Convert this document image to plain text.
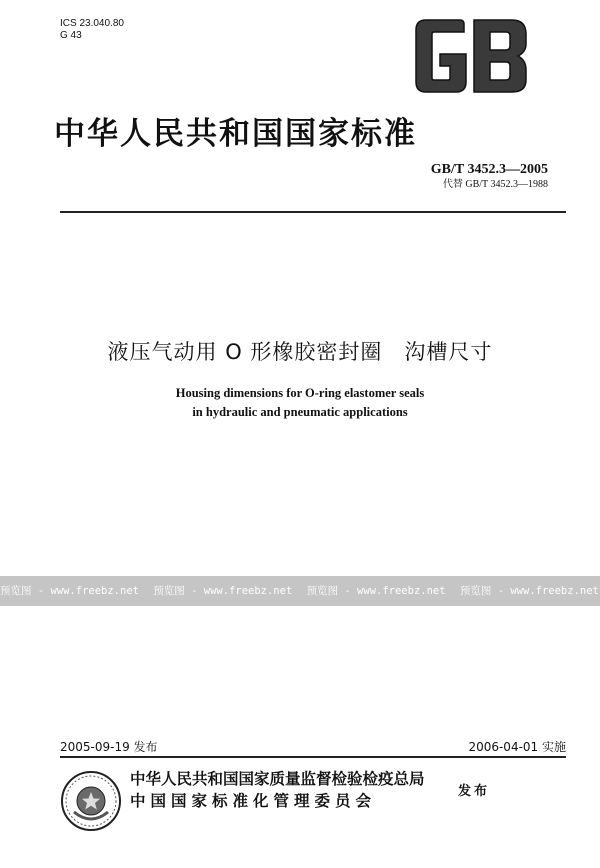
ICS 23.040.80
G 43
中华人民共和国国家标准
GB/T 3452.3—2005
代替 GB/T 3452.3—1988
液压气动用 O 形橡胶密封圈　沟槽尺寸
Housing dimensions for O-ring elastomer seals
in hydraulic and pneumatic applications
预览图 - www.freebz.net 预览图 - www.freebz.net 预览图 - www.freebz.net 预览图 - www.freebz.net
2005-09-19 发布	2006-04-01 实施
中华人民共和国国家质量监督检验检疫总局
中国国家标准化管理委员会
发布
